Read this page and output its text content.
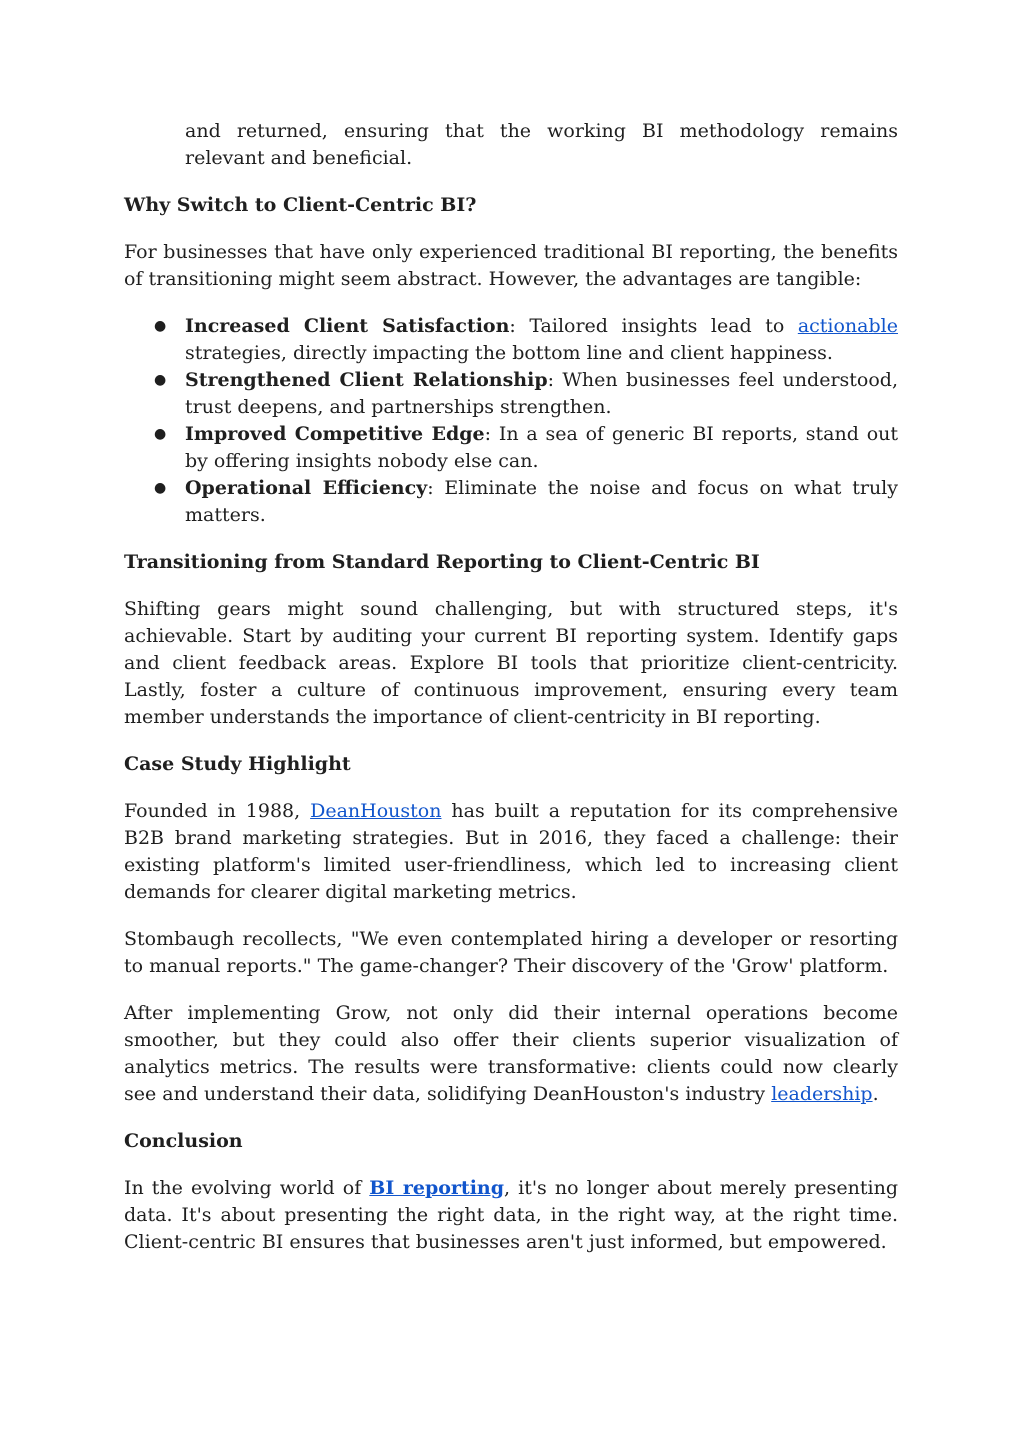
and returned, ensuring that the working BI methodology remains relevant and beneficial.

Why Switch to Client-Centric BI?

For businesses that have only experienced traditional BI reporting, the benefits of transitioning might seem abstract. However, the advantages are tangible:

● Increased Client Satisfaction: Tailored insights lead to actionable strategies, directly impacting the bottom line and client happiness.
● Strengthened Client Relationship: When businesses feel understood, trust deepens, and partnerships strengthen.
● Improved Competitive Edge: In a sea of generic BI reports, stand out by offering insights nobody else can.
● Operational Efficiency: Eliminate the noise and focus on what truly matters.
Transitioning from Standard Reporting to Client-Centric BI

Shifting gears might sound challenging, but with structured steps, it's achievable. Start by auditing your current BI reporting system. Identify gaps and client feedback areas. Explore BI tools that prioritize client-centricity. Lastly, foster a culture of continuous improvement, ensuring every team member understands the importance of client-centricity in BI reporting.

Case Study Highlight

Founded in 1988, DeanHouston has built a reputation for its comprehensive B2B brand marketing strategies. But in 2016, they faced a challenge: their existing platform's limited user-friendliness, which led to increasing client demands for clearer digital marketing metrics.

Stombaugh recollects, "We even contemplated hiring a developer or resorting to manual reports." The game-changer? Their discovery of the 'Grow' platform.

After implementing Grow, not only did their internal operations become smoother, but they could also offer their clients superior visualization of analytics metrics. The results were transformative: clients could now clearly see and understand their data, solidifying DeanHouston's industry leadership.

Conclusion

In the evolving world of BI reporting, it's no longer about merely presenting data. It's about presenting the right data, in the right way, at the right time. Client-centric BI ensures that businesses aren't just informed, but empowered.
